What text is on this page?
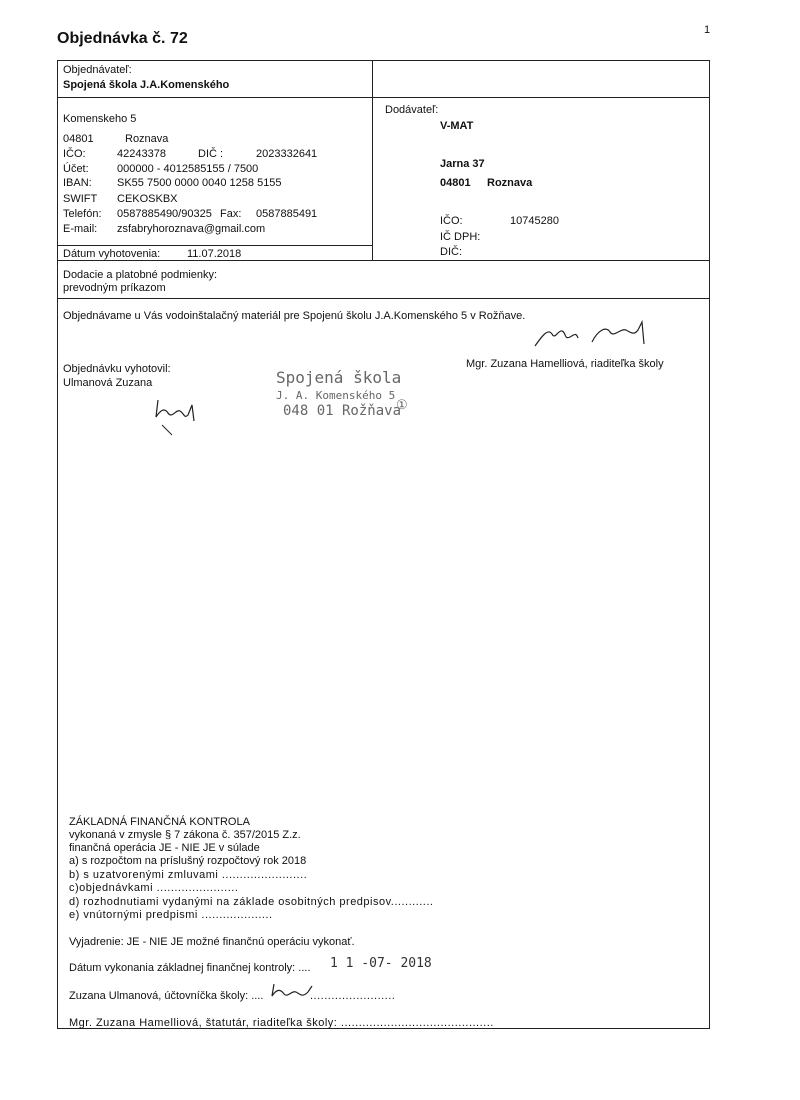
Objednávka č. 72	1
Objednávateľ:
Spojená škola J.A.Komenského
Komenskeho 5
04801	Roznava
IČO:	42243378	DIČ :	2023332641
Účet:	000000 - 4012585155 / 7500
IBAN: SK55 7500 0000 0040 1258 5155
SWIFT CEKOSKBX
Telefón: 0587885490/90325 Fax: 0587885491
E-mail: zsfabryhoroznava@gmail.com
Dátum vyhotovenia: 11.07.2018
Dodávateľ:
V-MAT
Jarna 37
04801 Roznava
IČO:	10745280
IČ DPH:
DIČ:
Dodacie a platobné podmienky:
prevodným príkazom
Objednávame u Vás vodoinštalačný materiál pre Spojenú školu J.A.Komenského 5 v Rožňave.
Objednávku vyhotovil:
Ulmanová Zuzana
Mgr. Zuzana Hamelliová, riaditeľka školy
Spojená škola
J. A. Komenského 5
048 01 Rožňava
①
ZÁKLADNÁ FINANČNÁ KONTROLA
vykonaná v zmysle § 7 zákona č. 357/2015 Z.z.
finančná operácia JE - NIE JE v súlade
a) s rozpočtom na príslušný rozpočtový rok 2018
b) s uzatvorenými zmluvami ........................
c)objednávkami .......................
d) rozhodnutiami vydanými na základe osobitných predpisov............
e) vnútornými predpismi ....................
Vyjadrenie: JE - NIE JE možné finančnú operáciu vykonať.
Dátum vykonania základnej finančnej kontroly: .... 1 1 -07- 2018
Zuzana Ulmanová, účtovníčka školy: ....	........................
Mgr. Zuzana Hamelliová, štatutár, riaditeľka školy: ...........................................
